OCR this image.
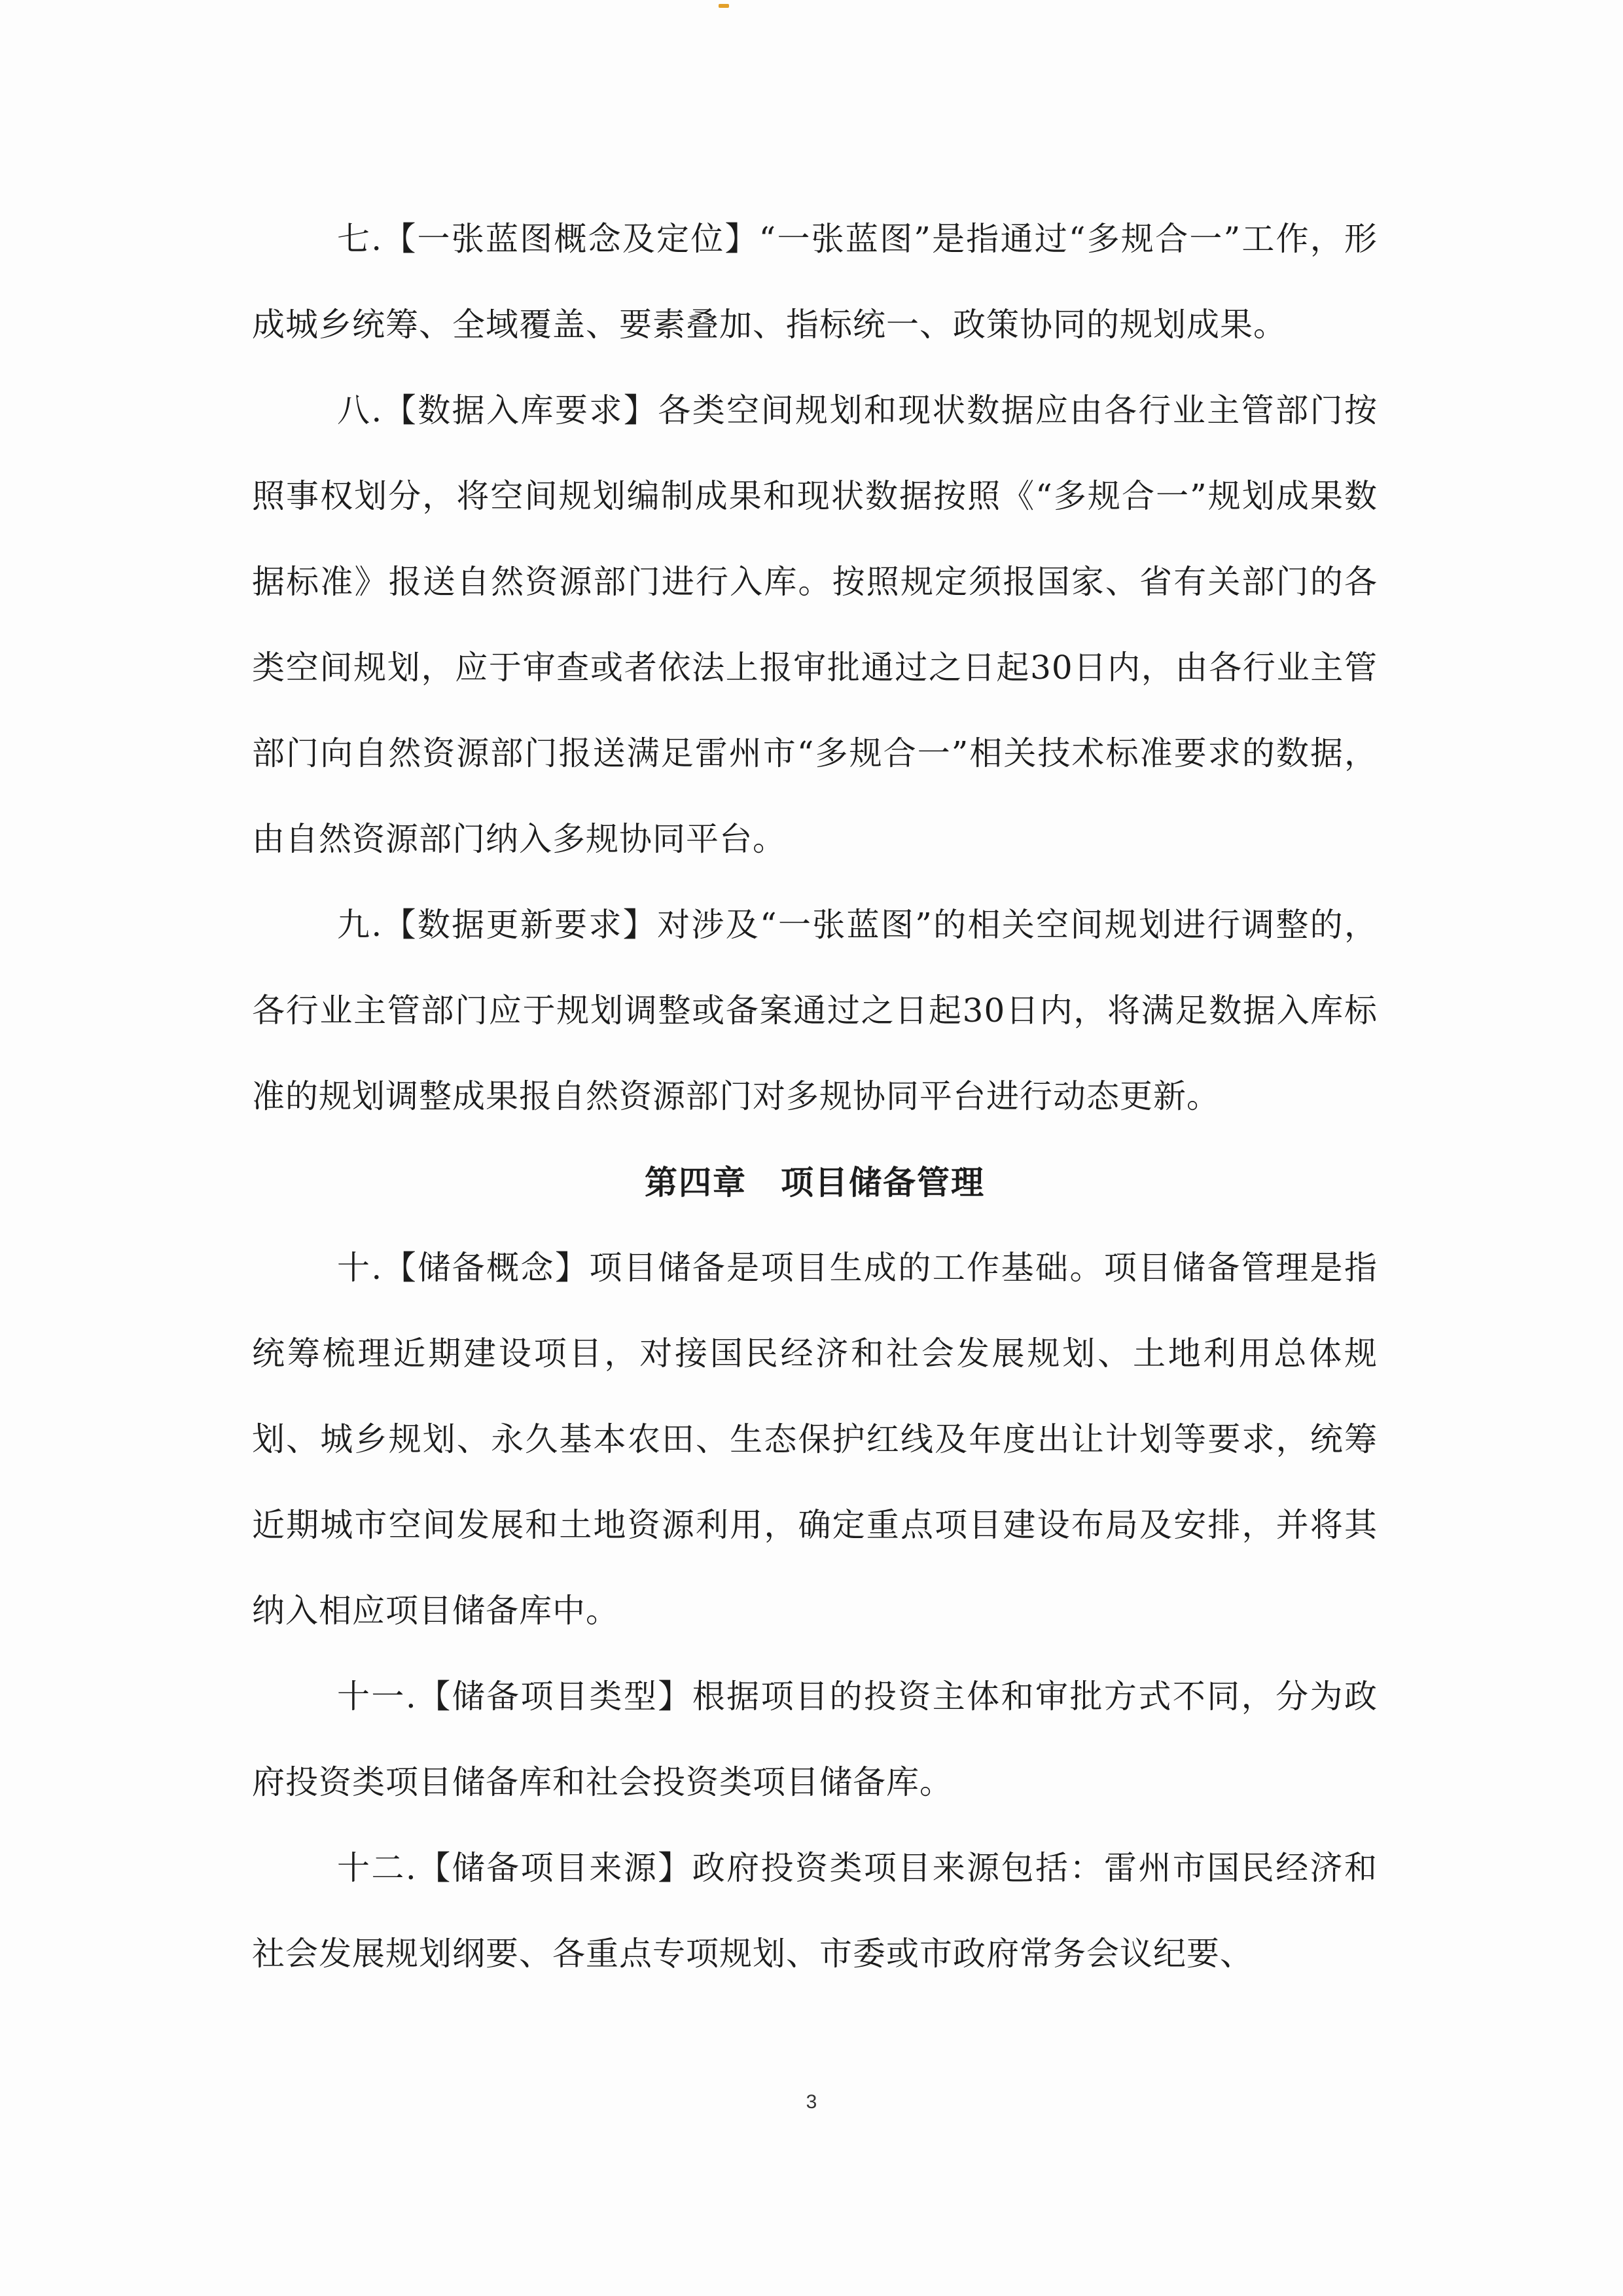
七.【一张蓝图概念及定位】“一张蓝图”是指通过“多规合一”工作，形成城乡统筹、全域覆盖、要素叠加、指标统一、政策协同的规划成果。

八.【数据入库要求】各类空间规划和现状数据应由各行业主管部门按照事权划分，将空间规划编制成果和现状数据按照《“多规合一”规划成果数据标准》报送自然资源部门进行入库。按照规定须报国家、省有关部门的各类空间规划，应于审查或者依法上报审批通过之日起30日内，由各行业主管部门向自然资源部门报送满足雷州市“多规合一”相关技术标准要求的数据，由自然资源部门纳入多规协同平台。

九.【数据更新要求】对涉及“一张蓝图”的相关空间规划进行调整的，各行业主管部门应于规划调整或备案通过之日起30日内，将满足数据入库标准的规划调整成果报自然资源部门对多规协同平台进行动态更新。

第四章　项目储备管理

十.【储备概念】项目储备是项目生成的工作基础。项目储备管理是指统筹梳理近期建设项目，对接国民经济和社会发展规划、土地利用总体规划、城乡规划、永久基本农田、生态保护红线及年度出让计划等要求，统筹近期城市空间发展和土地资源利用，确定重点项目建设布局及安排，并将其纳入相应项目储备库中。

十一.【储备项目类型】根据项目的投资主体和审批方式不同，分为政府投资类项目储备库和社会投资类项目储备库。

十二.【储备项目来源】政府投资类项目来源包括：雷州市国民经济和社会发展规划纲要、各重点专项规划、市委或市政府常务会议纪要、

3
